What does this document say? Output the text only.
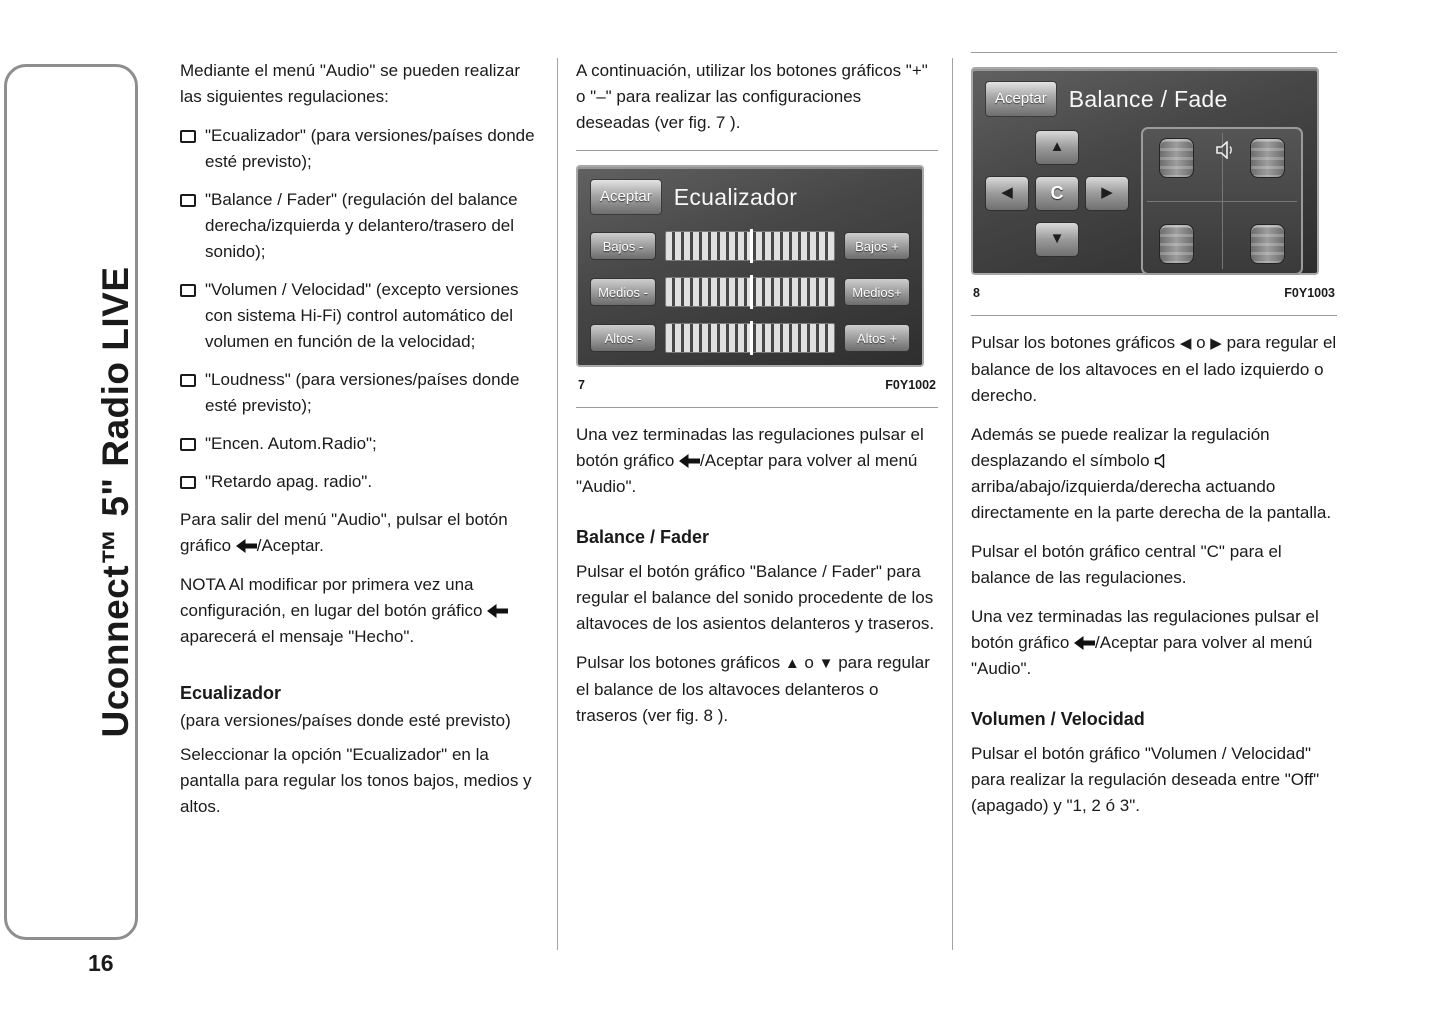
Uconnect™ 5" Radio LIVE
16

Mediante el menú "Audio" se pueden realizar las siguientes regulaciones:

"Ecualizador" (para versiones/países donde esté previsto);
"Balance / Fader" (regulación del balance derecha/izquierda y delantero/trasero del sonido);
"Volumen / Velocidad" (excepto versiones con sistema Hi-Fi) control automático del volumen en función de la velocidad;
"Loudness" (para versiones/países donde esté previsto);
"Encen. Autom.Radio";
"Retardo apag. radio".

Para salir del menú "Audio", pulsar el botón gráfico /Aceptar.

NOTA Al modificar por primera vez una configuración, en lugar del botón gráfico  aparecerá el mensaje "Hecho".

Ecualizador

(para versiones/países donde esté previsto)

Seleccionar la opción "Ecualizador" en la pantalla para regular los tonos bajos, medios y altos.

A continuación, utilizar los botones gráficos "+" o "–" para realizar las configuraciones deseadas (ver fig. 7 ).

Aceptar Ecualizador
Bajos -	Bajos +
Medios -	Medios+
Altos -	Altos +
7	F0Y1002

Una vez terminadas las regulaciones pulsar el botón gráfico /Aceptar para volver al menú "Audio".

Balance / Fader

Pulsar el botón gráfico "Balance / Fader" para regular el balance del sonido procedente de los altavoces de los asientos delanteros y traseros.

Pulsar los botones gráficos ▲ o ▼ para regular el balance de los altavoces delanteros o traseros (ver fig. 8 ).

Aceptar Balance / Fade
▲
◀	C	▶
▼
8	F0Y1003

Pulsar los botones gráficos ◀ o ▶ para regular el balance de los altavoces en el lado izquierdo o derecho.

Además se puede realizar la regulación desplazando el símbolo  arriba/abajo/izquierda/derecha actuando directamente en la parte derecha de la pantalla.

Pulsar el botón gráfico central "C" para el balance de las regulaciones.

Una vez terminadas las regulaciones pulsar el botón gráfico /Aceptar para volver al menú "Audio".

Volumen / Velocidad

Pulsar el botón gráfico "Volumen / Velocidad" para realizar la regulación deseada entre "Off" (apagado) y "1, 2 ó 3".
